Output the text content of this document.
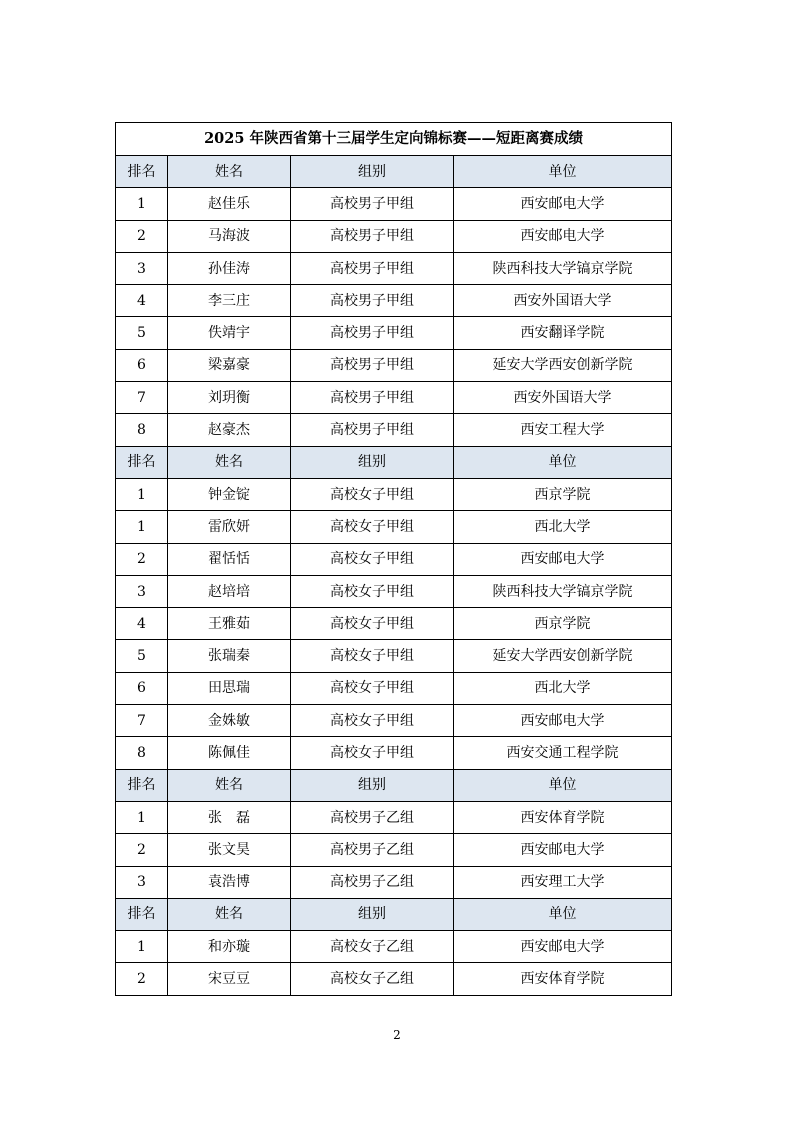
2025 年陕西省第十三届学生定向锦标赛——短距离赛成绩			
排名	姓名	组别	单位
1	赵佳乐	高校男子甲组	西安邮电大学
2	马海波	高校男子甲组	西安邮电大学
3	孙佳涛	高校男子甲组	陕西科技大学镐京学院
4	李三庄	高校男子甲组	西安外国语大学
5	佚靖宇	高校男子甲组	西安翻译学院
6	梁嘉豪	高校男子甲组	延安大学西安创新学院
7	刘玥衡	高校男子甲组	西安外国语大学
8	赵豪杰	高校男子甲组	西安工程大学
排名	姓名	组别	单位
1	钟金锭	高校女子甲组	西京学院
1	雷欣妍	高校女子甲组	西北大学
2	翟恬恬	高校女子甲组	西安邮电大学
3	赵培培	高校女子甲组	陕西科技大学镐京学院
4	王雅茹	高校女子甲组	西京学院
5	张瑞秦	高校女子甲组	延安大学西安创新学院
6	田思瑞	高校女子甲组	西北大学
7	金姝敏	高校女子甲组	西安邮电大学
8	陈佩佳	高校女子甲组	西安交通工程学院
排名	姓名	组别	单位
1	张　磊	高校男子乙组	西安体育学院
2	张文昊	高校男子乙组	西安邮电大学
3	袁浩博	高校男子乙组	西安理工大学
排名	姓名	组别	单位
1	和亦璇	高校女子乙组	西安邮电大学
2	宋豆豆	高校女子乙组	西安体育学院
2
